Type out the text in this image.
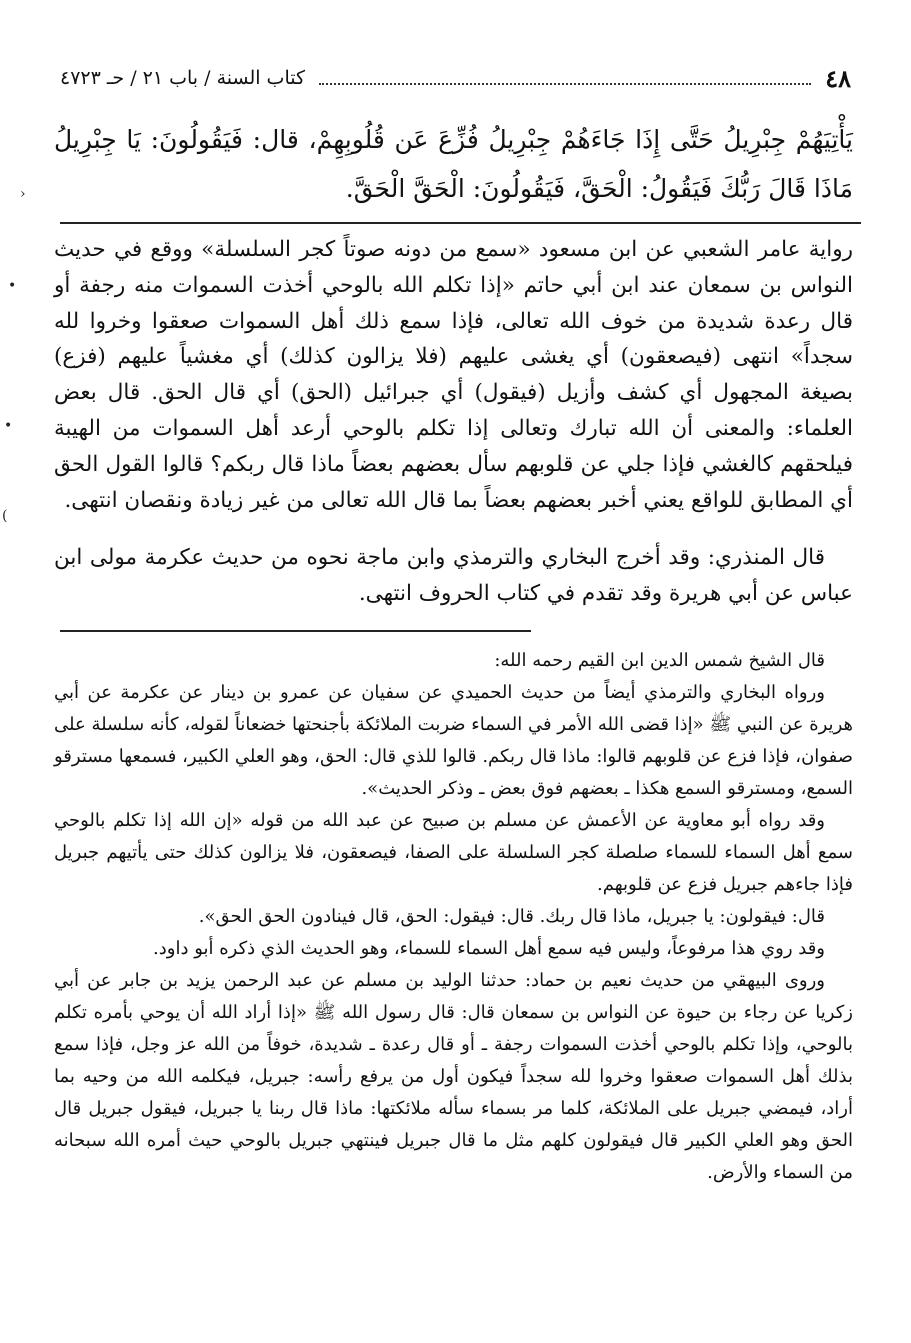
٤٨
كتاب السنة / باب ٢١ / حـ ٤٧٢٣

يَأْتِيَهُمْ جِبْرِيلُ حَتَّى إِذَا جَاءَهُمْ جِبْرِيلُ فُزِّعَ عَن قُلُوبِهِمْ، قال: فَيَقُولُونَ: يَا جِبْرِيلُ مَاذَا قَالَ رَبُّكَ فَيَقُولُ: الْحَقَّ، فَيَقُولُونَ: الْحَقَّ الْحَقَّ.

رواية عامر الشعبي عن ابن مسعود «سمع من دونه صوتاً كجر السلسلة» ووقع في حديث النواس بن سمعان عند ابن أبي حاتم «إذا تكلم الله بالوحي أخذت السموات منه رجفة أو قال رعدة شديدة من خوف الله تعالى، فإذا سمع ذلك أهل السموات صعقوا وخروا لله سجداً» انتهى (فيصعقون) أي يغشى عليهم (فلا يزالون كذلك) أي مغشياً عليهم (فزع) بصيغة المجهول أي كشف وأزيل (فيقول) أي جبرائيل (الحق) أي قال الحق. قال بعض العلماء: والمعنى أن الله تبارك وتعالى إذا تكلم بالوحي أرعد أهل السموات من الهيبة فيلحقهم كالغشي فإذا جلي عن قلوبهم سأل بعضهم بعضاً ماذا قال ربكم؟ قالوا القول الحق أي المطابق للواقع يعني أخبر بعضهم بعضاً بما قال الله تعالى من غير زيادة ونقصان انتهى.

قال المنذري: وقد أخرج البخاري والترمذي وابن ماجة نحوه من حديث عكرمة مولى ابن عباس عن أبي هريرة وقد تقدم في كتاب الحروف انتهى.

قال الشيخ شمس الدين ابن القيم رحمه الله:

ورواه البخاري والترمذي أيضاً من حديث الحميدي عن سفيان عن عمرو بن دينار عن عكرمة عن أبي هريرة عن النبي ﷺ «إذا قضى الله الأمر في السماء ضربت الملائكة بأجنحتها خضعاناً لقوله، كأنه سلسلة على صفوان، فإذا فزع عن قلوبهم قالوا: ماذا قال ربكم. قالوا للذي قال: الحق، وهو العلي الكبير، فسمعها مسترقو السمع، ومسترقو السمع هكذا ـ بعضهم فوق بعض ـ وذكر الحديث».

وقد رواه أبو معاوية عن الأعمش عن مسلم بن صبيح عن عبد الله من قوله «إن الله إذا تكلم بالوحي سمع أهل السماء للسماء صلصلة كجر السلسلة على الصفا، فيصعقون، فلا يزالون كذلك حتى يأتيهم جبريل فإذا جاءهم جبريل فزع عن قلوبهم.

قال: فيقولون: يا جبريل، ماذا قال ربك. قال: فيقول: الحق، قال فينادون الحق الحق».

وقد روي هذا مرفوعاً، وليس فيه سمع أهل السماء للسماء، وهو الحديث الذي ذكره أبو داود.

وروى البيهقي من حديث نعيم بن حماد: حدثنا الوليد بن مسلم عن عبد الرحمن يزيد بن جابر عن أبي زكريا عن رجاء بن حيوة عن النواس بن سمعان قال: قال رسول الله ﷺ «إذا أراد الله أن يوحي بأمره تكلم بالوحي، وإذا تكلم بالوحي أخذت السموات رجفة ـ أو قال رعدة ـ شديدة، خوفاً من الله عز وجل، فإذا سمع بذلك أهل السموات صعقوا وخروا لله سجداً فيكون أول من يرفع رأسه: جبريل، فيكلمه الله من وحيه بما أراد، فيمضي جبريل على الملائكة، كلما مر بسماء سأله ملائكتها: ماذا قال ربنا يا جبريل، فيقول جبريل قال الحق وهو العلي الكبير قال فيقولون كلهم مثل ما قال جبريل فينتهي جبريل بالوحي حيث أمره الله سبحانه من السماء والأرض.

›
•
•
(
